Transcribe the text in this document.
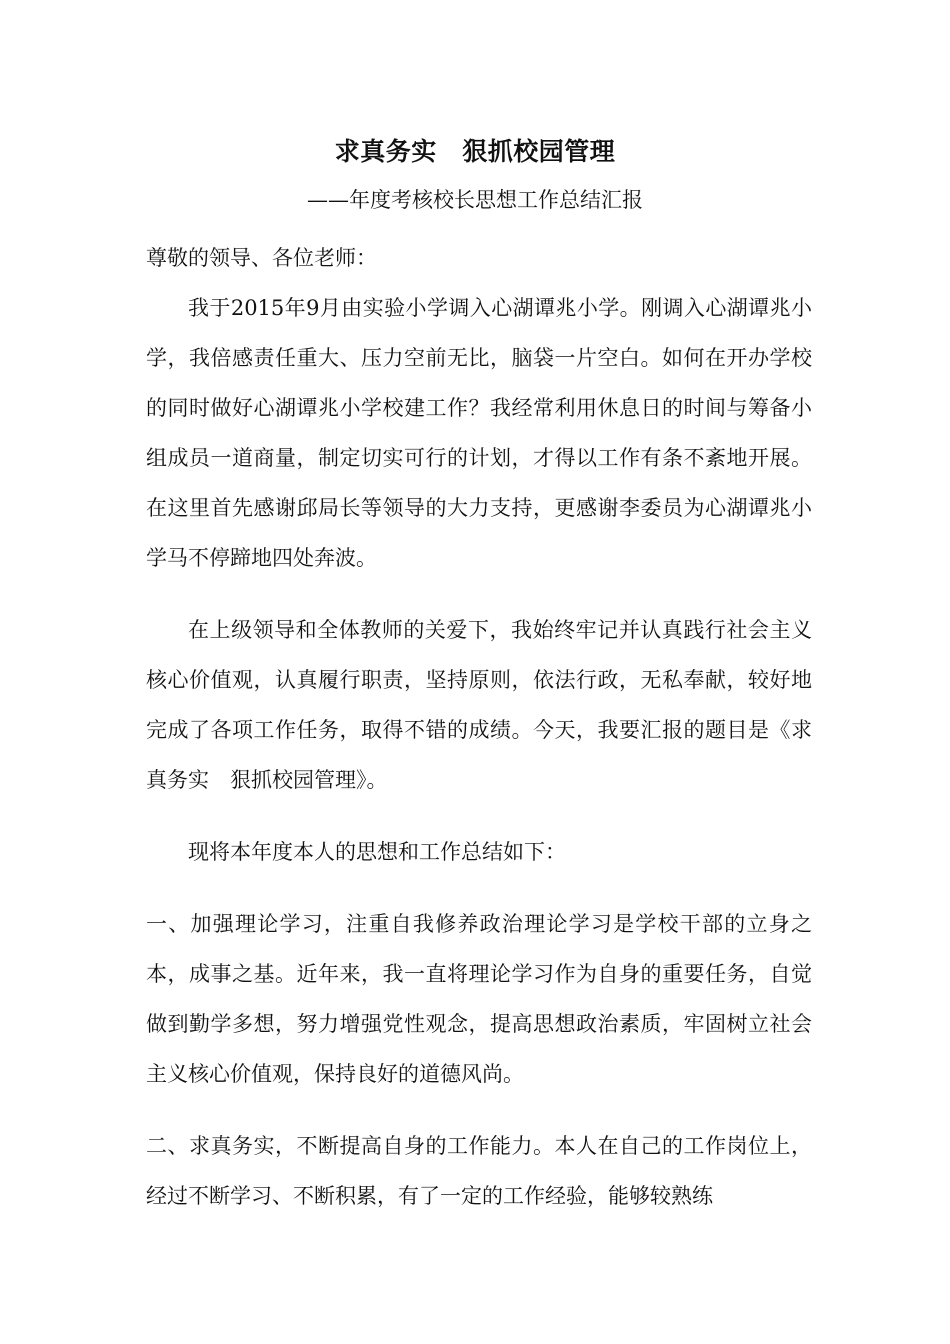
求真务实　狠抓校园管理
——年度考核校长思想工作总结汇报

尊敬的领导、各位老师：

我于2015年9月由实验小学调入心湖谭兆小学。刚调入心湖谭兆小学，我倍感责任重大、压力空前无比，脑袋一片空白。如何在开办学校的同时做好心湖谭兆小学校建工作？我经常利用休息日的时间与筹备小组成员一道商量，制定切实可行的计划，才得以工作有条不紊地开展。在这里首先感谢邱局长等领导的大力支持，更感谢李委员为心湖谭兆小学马不停蹄地四处奔波。

在上级领导和全体教师的关爱下，我始终牢记并认真践行社会主义核心价值观，认真履行职责，坚持原则，依法行政，无私奉献，较好地完成了各项工作任务，取得不错的成绩。今天，我要汇报的题目是《求真务实　狠抓校园管理》。

现将本年度本人的思想和工作总结如下：

一、加强理论学习，注重自我修养政治理论学习是学校干部的立身之本，成事之基。近年来，我一直将理论学习作为自身的重要任务，自觉做到勤学多想，努力增强党性观念，提高思想政治素质，牢固树立社会主义核心价值观，保持良好的道德风尚。

二、求真务实，不断提高自身的工作能力。本人在自己的工作岗位上，经过不断学习、不断积累，有了一定的工作经验，能够较熟练
